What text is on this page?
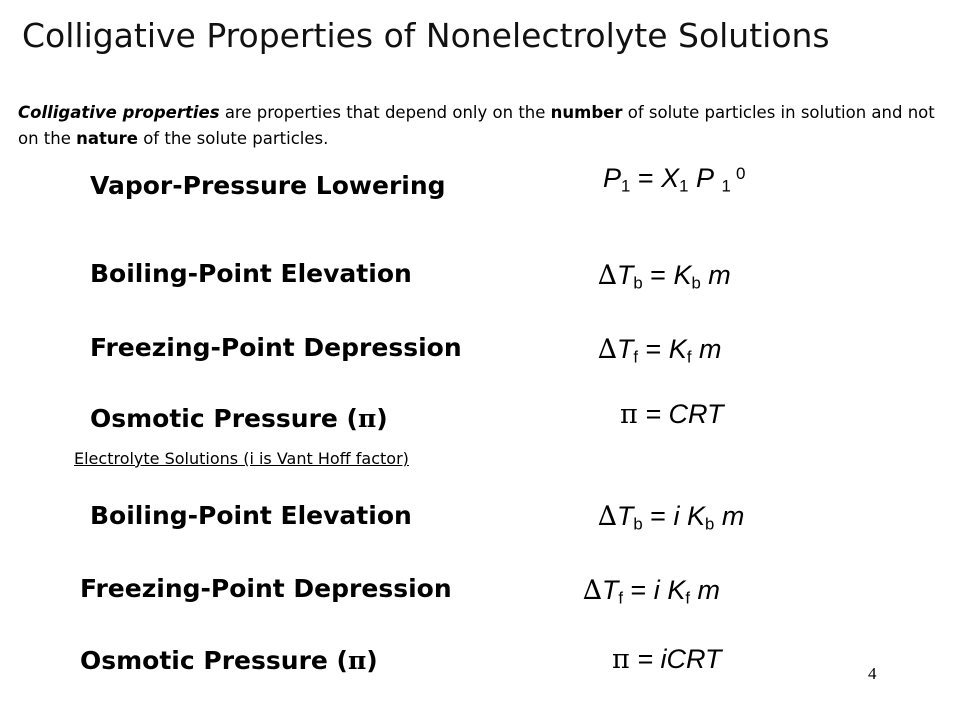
Colligative Properties of Nonelectrolyte Solutions
Colligative properties are properties that depend only on the number of solute particles in solution and not on the nature of the solute particles.
Vapor-Pressure Lowering	$P_1 = X_1$ P $_1$
0
Boiling-Point Elevation	$\Delta T_b = K_b$ m
Freezing-Point Depression	$\Delta T_f = K_f$ m
Osmotic Pressure (π)	π = CRT
Electrolyte Solutions (i is Vant Hoff factor)
Boiling-Point Elevation	$\Delta T_b = i$ $K_b$ m
Freezing-Point Depression	$\Delta T_f = i$ $K_f$ m
Osmotic Pressure (π)	π = iCRT	4
